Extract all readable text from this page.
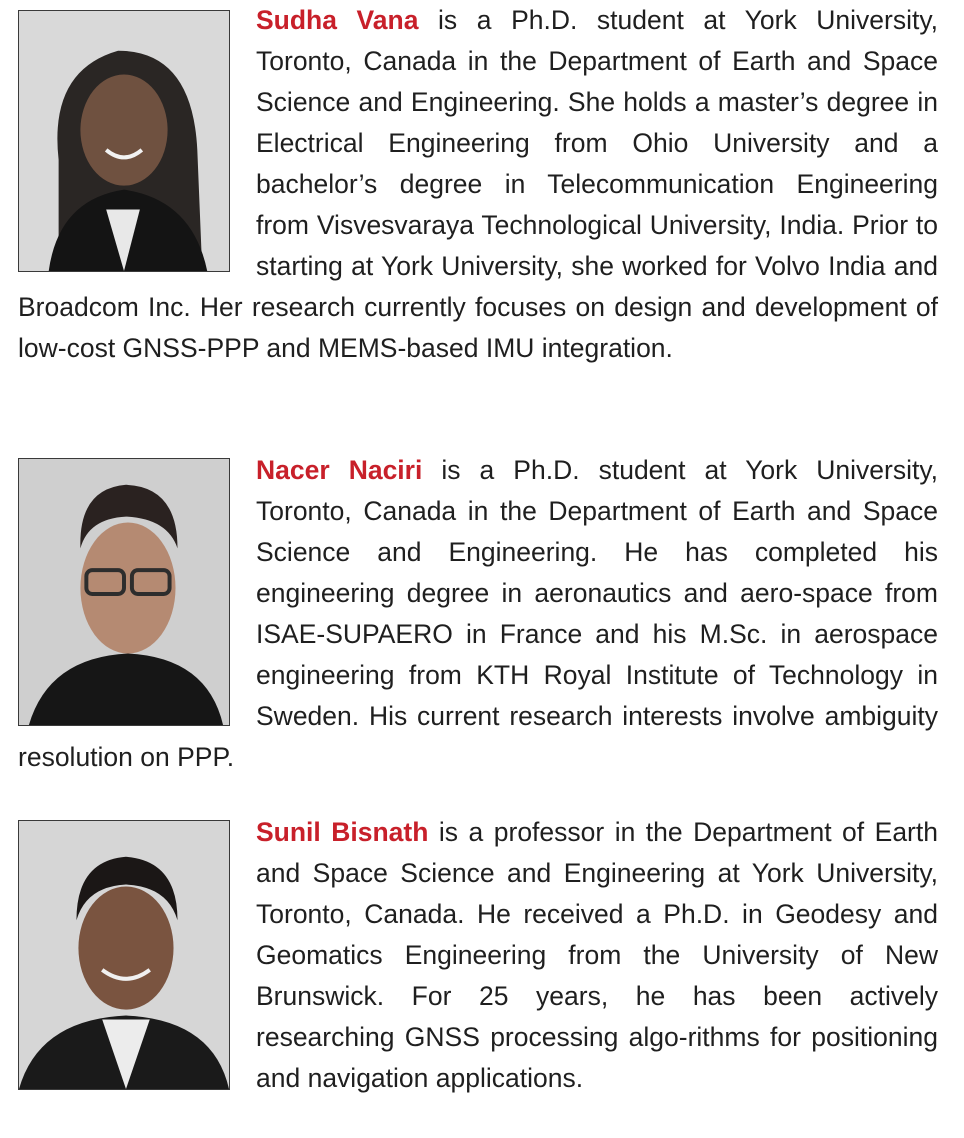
Sudha Vana is a Ph.D. student at York University, Toronto, Canada in the Department of Earth and Space Science and Engineering. She holds a master’s degree in Electrical Engineering from Ohio University and a bachelor’s degree in Telecommunication Engineering from Visvesvaraya Technological University, India. Prior to starting at York University, she worked for Volvo India and Broadcom Inc. Her research currently focuses on design and development of low-cost GNSS-PPP and MEMS-based IMU integration.
Nacer Naciri is a Ph.D. student at York University, Toronto, Canada in the Department of Earth and Space Science and Engineering. He has completed his engineering degree in aeronautics and aero-space from ISAE-SUPAERO in France and his M.Sc. in aerospace engineering from KTH Royal Institute of Technology in Sweden. His current research interests involve ambiguity resolution on PPP.
Sunil Bisnath is a professor in the Department of Earth and Space Science and Engineering at York University, Toronto, Canada. He received a Ph.D. in Geodesy and Geomatics Engineering from the University of New Brunswick. For 25 years, he has been actively researching GNSS processing algo-rithms for positioning and navigation applications.
